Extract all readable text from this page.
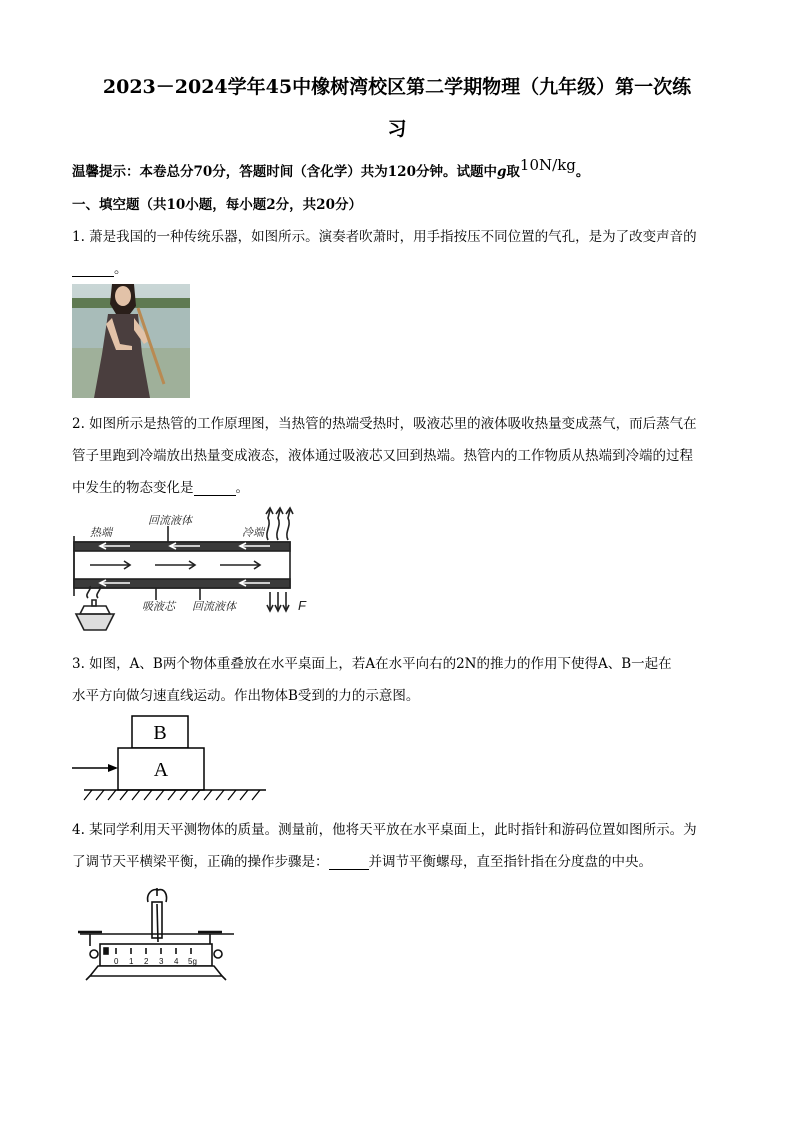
2023－2024学年45中橡树湾校区第二学期物理（九年级）第一次练
习
温馨提示：本卷总分70分，答题时间（含化学）共为120分钟。试题中g取10N/kg。
一、填空题（共10小题，每小题2分，共20分）
1. 萧是我国的一种传统乐器，如图所示。演奏者吹萧时，用手指按压不同位置的气孔，是为了改变声音的
。
2. 如图所示是热管的工作原理图，当热管的热端受热时，吸液芯里的液体吸收热量变成蒸气，而后蒸气在
管子里跑到冷端放出热量变成液态，液体通过吸液芯又回到热端。热管内的工作物质从热端到冷端的过程
中发生的物态变化是	。
热端
回流液体
冷端
吸液芯 回流液体	F
3. 如图，A、B两个物体重叠放在水平桌面上，若A在水平向右的2N的推力的作用下使得A、B一起在
水平方向做匀速直线运动。作出物体B受到的力的示意图。
B
A
4. 某同学利用天平测物体的质量。测量前，他将天平放在水平桌面上，此时指针和游码位置如图所示。为
了调节天平横梁平衡，正确的操作步骤是：	并调节平衡螺母，直至指针指在分度盘的中央。
0 1 2 3 4 5g
